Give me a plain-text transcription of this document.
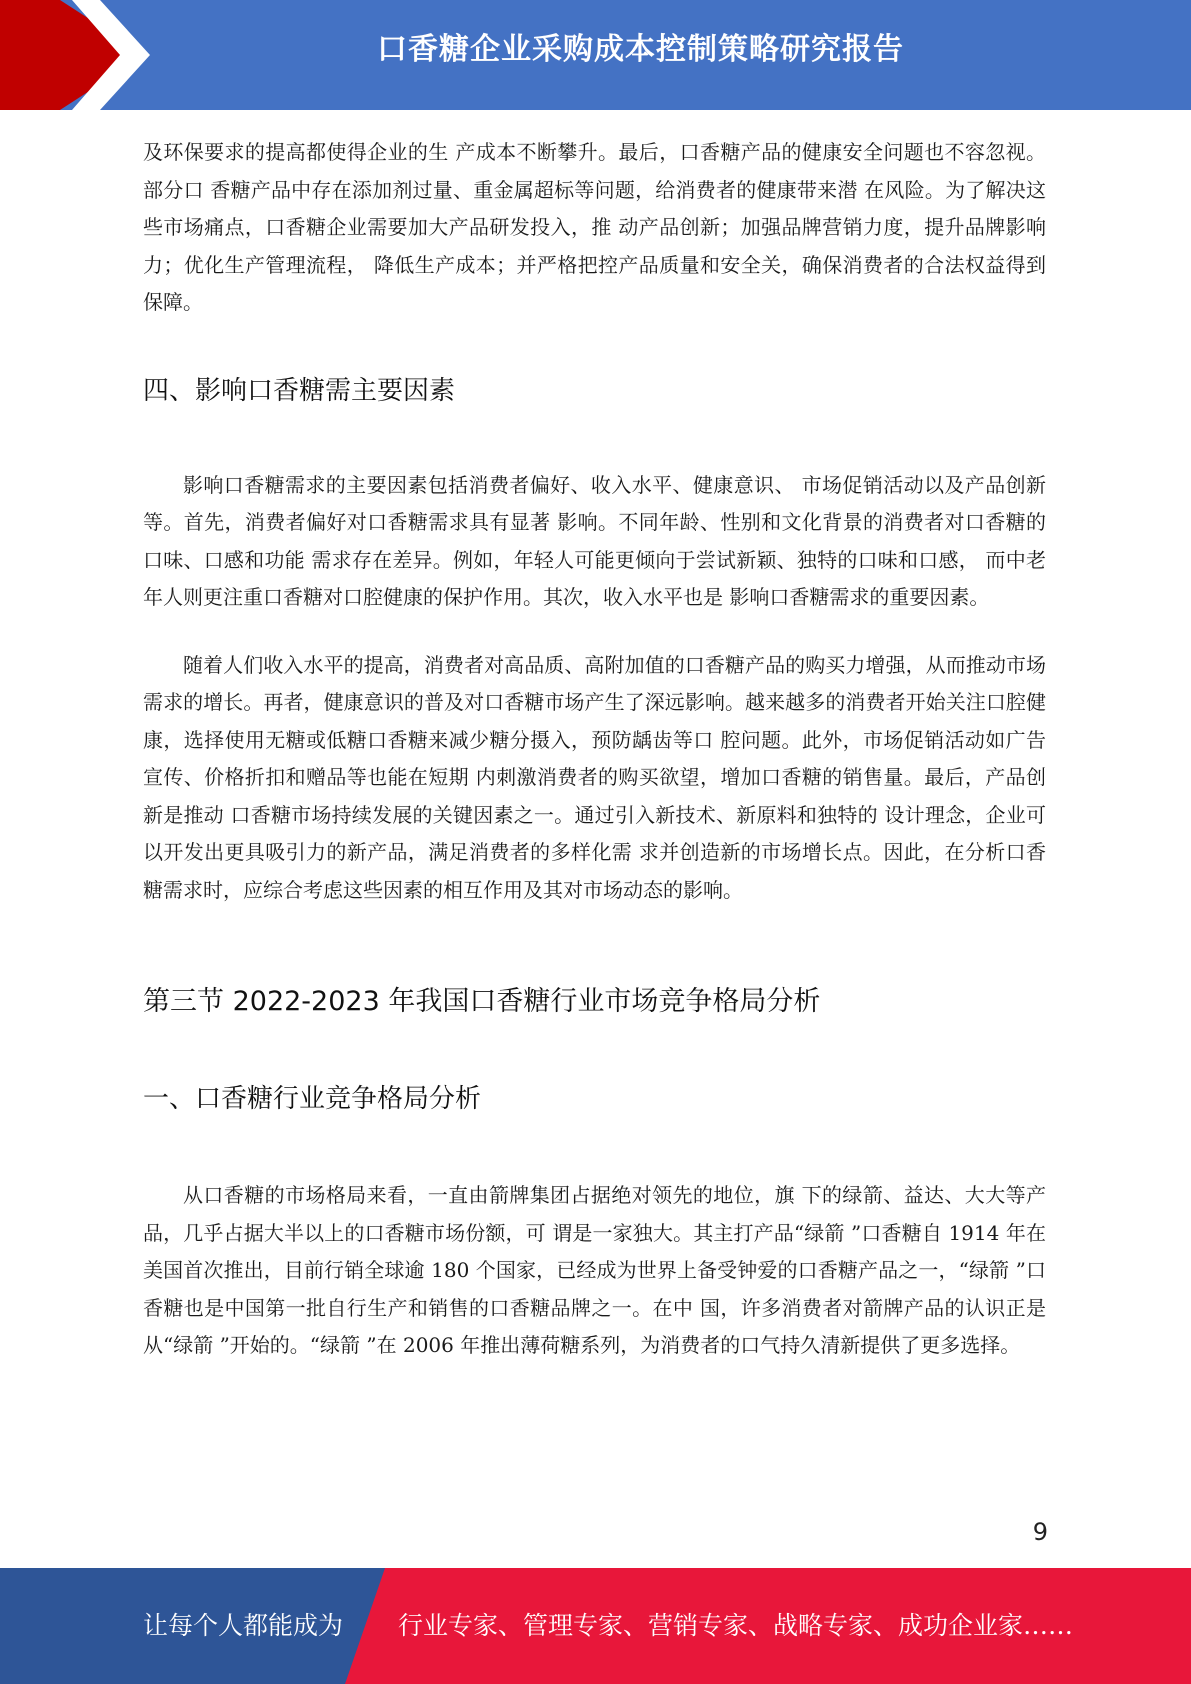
口香糖企业采购成本控制策略研究报告

及环保要求的提高都使得企业的生 产成本不断攀升。最后，口香糖产品的健康安全问题也不容忽视。部分口 香糖产品中存在添加剂过量、重金属超标等问题，给消费者的健康带来潜 在风险。为了解决这些市场痛点，口香糖企业需要加大产品研发投入，推 动产品创新；加强品牌营销力度，提升品牌影响力；优化生产管理流程， 降低生产成本；并严格把控产品质量和安全关，确保消费者的合法权益得到保障。

四、影响口香糖需主要因素

影响口香糖需求的主要因素包括消费者偏好、收入水平、健康意识、 市场促销活动以及产品创新等。首先，消费者偏好对口香糖需求具有显著 影响。不同年龄、性别和文化背景的消费者对口香糖的口味、口感和功能 需求存在差异。例如，年轻人可能更倾向于尝试新颖、独特的口味和口感， 而中老年人则更注重口香糖对口腔健康的保护作用。其次，收入水平也是 影响口香糖需求的重要因素。

随着人们收入水平的提高，消费者对高品质、高附加值的口香糖产品的购买力增强，从而推动市场需求的增长。再者，健康意识的普及对口香糖市场产生了深远影响。越来越多的消费者开始关注口腔健康，选择使用无糖或低糖口香糖来减少糖分摄入，预防龋齿等口 腔问题。此外，市场促销活动如广告宣传、价格折扣和赠品等也能在短期 内刺激消费者的购买欲望，增加口香糖的销售量。最后，产品创新是推动 口香糖市场持续发展的关键因素之一。通过引入新技术、新原料和独特的 设计理念，企业可以开发出更具吸引力的新产品，满足消费者的多样化需 求并创造新的市场增长点。因此，在分析口香糖需求时，应综合考虑这些因素的相互作用及其对市场动态的影响。

第三节 2022-2023 年我国口香糖行业市场竞争格局分析
一、口香糖行业竞争格局分析

从口香糖的市场格局来看，一直由箭牌集团占据绝对领先的地位，旗 下的绿箭、益达、大大等产品，几乎占据大半以上的口香糖市场份额，可 谓是一家独大。其主打产品“绿箭 ”口香糖自 1914 年在美国首次推出，目前行销全球逾 180 个国家，已经成为世界上备受钟爱的口香糖产品之一，“绿箭 ”口香糖也是中国第一批自行生产和销售的口香糖品牌之一。在中 国，许多消费者对箭牌产品的认识正是从“绿箭 ”开始的。“绿箭 ”在 2006 年推出薄荷糖系列，为消费者的口气持久清新提供了更多选择。

9
让每个人都能成为 行业专家、管理专家、营销专家、战略专家、成功企业家……
